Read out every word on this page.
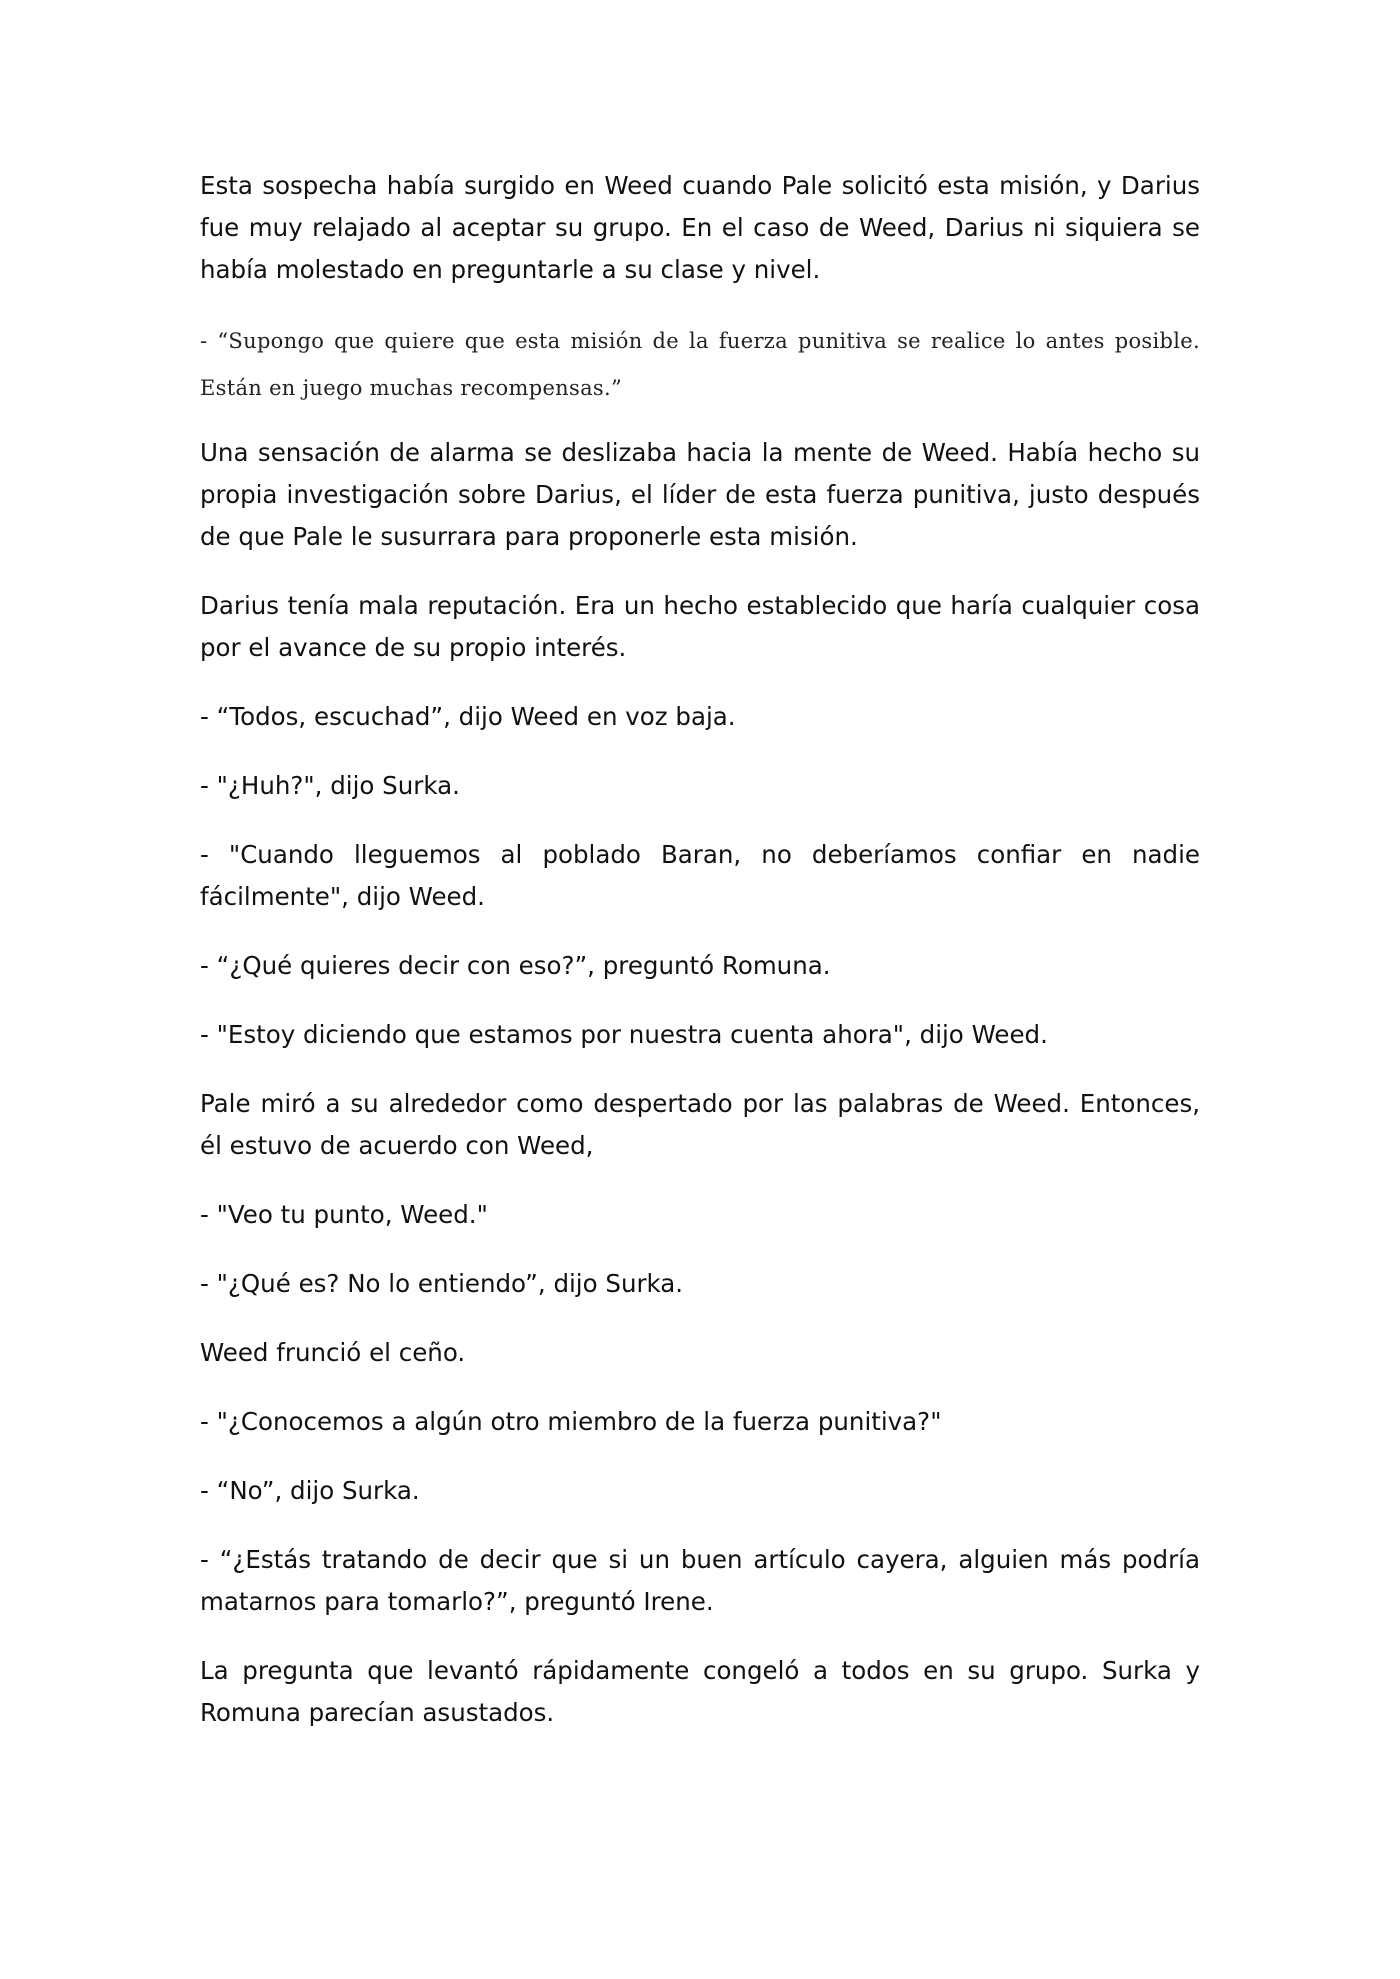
Esta sospecha había surgido en Weed cuando Pale solicitó esta misión, y Darius fue muy relajado al aceptar su grupo. En el caso de Weed, Darius ni siquiera se había molestado en preguntarle a su clase y nivel.

- “Supongo que quiere que esta misión de la fuerza punitiva se realice lo antes posible. Están en juego muchas recompensas.”

Una sensación de alarma se deslizaba hacia la mente de Weed. Había hecho su propia investigación sobre Darius, el líder de esta fuerza punitiva, justo después de que Pale le susurrara para proponerle esta misión.

Darius tenía mala reputación. Era un hecho establecido que haría cualquier cosa por el avance de su propio interés.

- “Todos, escuchad”, dijo Weed en voz baja.

- "¿Huh?", dijo Surka.

- "Cuando lleguemos al poblado Baran, no deberíamos confiar en nadie fácilmente", dijo Weed.

- “¿Qué quieres decir con eso?”, preguntó Romuna.

- "Estoy diciendo que estamos por nuestra cuenta ahora", dijo Weed.

Pale miró a su alrededor como despertado por las palabras de Weed. Entonces, él estuvo de acuerdo con Weed,

- "Veo tu punto, Weed."

- "¿Qué es? No lo entiendo”, dijo Surka.

Weed frunció el ceño.

- "¿Conocemos a algún otro miembro de la fuerza punitiva?"

- “No”, dijo Surka.

- “¿Estás tratando de decir que si un buen artículo cayera, alguien más podría matarnos para tomarlo?”, preguntó Irene.

La pregunta que levantó rápidamente congeló a todos en su grupo. Surka y Romuna parecían asustados.
